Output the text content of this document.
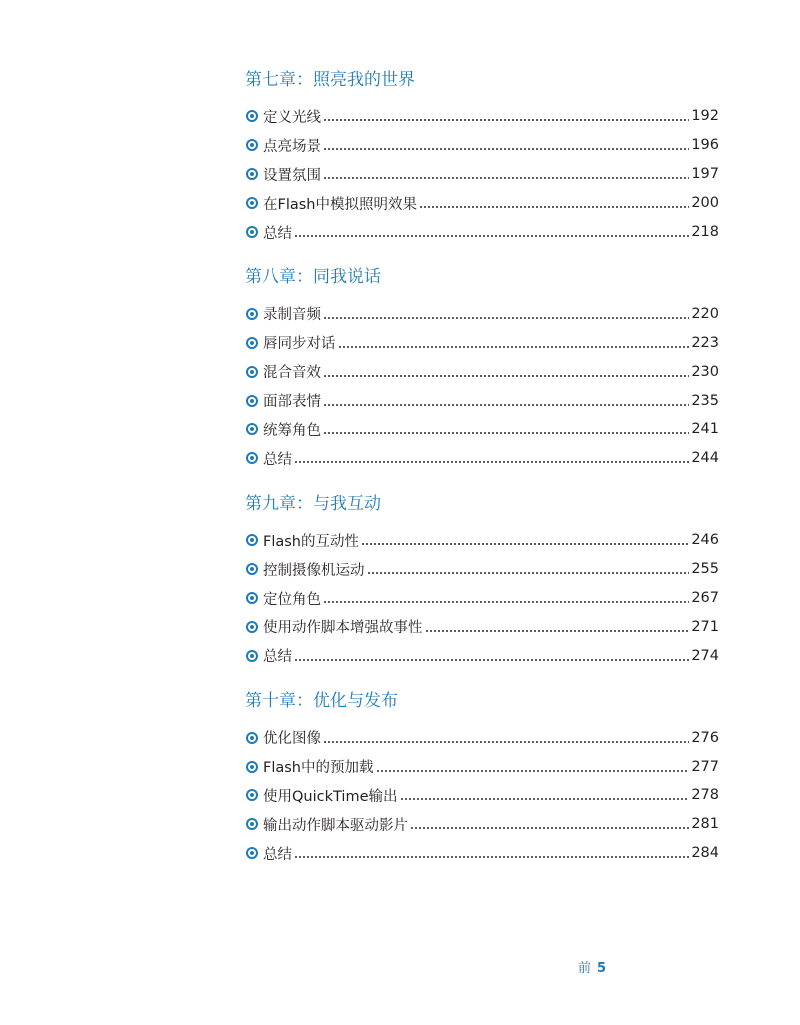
第七章：照亮我的世界
定义光线	192
点亮场景	196
设置氛围	197
在Flash中模拟照明效果	200
总结	218
第八章：同我说话
录制音频	220
唇同步对话	223
混合音效	230
面部表情	235
统筹角色	241
总结	244
第九章：与我互动
Flash的互动性	246
控制摄像机运动	255
定位角色	267
使用动作脚本增强故事性	271
总结	274
第十章：优化与发布
优化图像	276
Flash中的预加载	277
使用QuickTime输出	278
输出动作脚本驱动影片	281
总结	284
前 5
